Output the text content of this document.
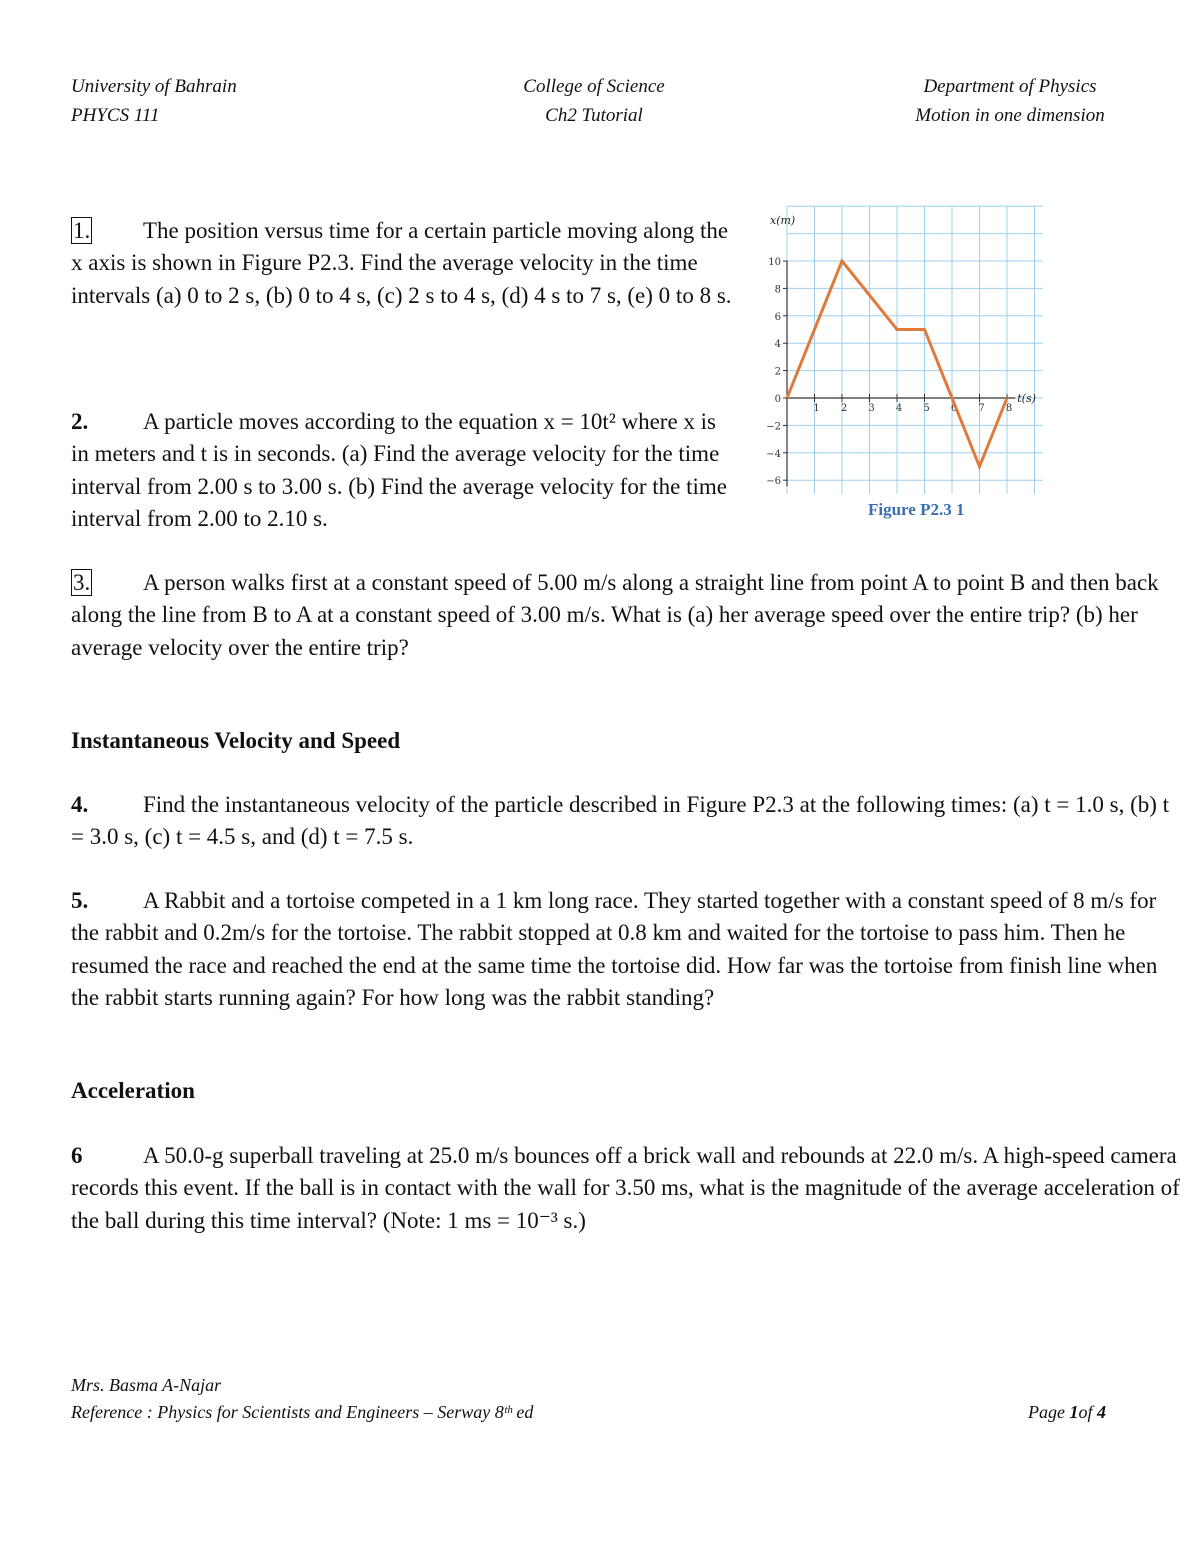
University of Bahrain
PHYCS 111
College of Science
Ch2 Tutorial
Department of Physics
Motion in one dimension
1. The position versus time for a certain particle moving along the x axis is shown in Figure P2.3. Find the average velocity in the time intervals (a) 0 to 2 s, (b) 0 to 4 s, (c) 2 s to 4 s, (d) 4 s to 7 s, (e) 0 to 8 s.
10
8
6
4
2
0
−2
−4
−6
1 2 3 4 5 6 7 8
x(m)
t(s)
Figure P2.3 1
2. A particle moves according to the equation x = 10t² where x is in meters and t is in seconds. (a) Find the average velocity for the time interval from 2.00 s to 3.00 s. (b) Find the average velocity for the time interval from 2.00 to 2.10 s.
3. A person walks first at a constant speed of 5.00 m/s along a straight line from point A to point B and then back along the line from B to A at a constant speed of 3.00 m/s. What is (a) her average speed over the entire trip? (b) her average velocity over the entire trip?
Instantaneous Velocity and Speed
4. Find the instantaneous velocity of the particle described in Figure P2.3 at the following times: (a) t = 1.0 s, (b) t = 3.0 s, (c) t = 4.5 s, and (d) t = 7.5 s.
5. A Rabbit and a tortoise competed in a 1 km long race. They started together with a constant speed of 8 m/s for the rabbit and 0.2m/s for the tortoise. The rabbit stopped at 0.8 km and waited for the tortoise to pass him. Then he resumed the race and reached the end at the same time the tortoise did. How far was the tortoise from finish line when the rabbit starts running again? For how long was the rabbit standing?
Acceleration
6	A 50.0-g superball traveling at 25.0 m/s bounces off a brick wall and rebounds at 22.0 m/s. A high-speed camera records this event. If the ball is in contact with the wall for 3.50 ms, what is the magnitude of the average acceleration of the ball during this time interval? (Note: 1 ms = 10⁻³ s.)
Mrs. Basma A-Najar
Reference : Physics for Scientists and Engineers – Serway 8ᵗʰ ed	Page 1of 4
